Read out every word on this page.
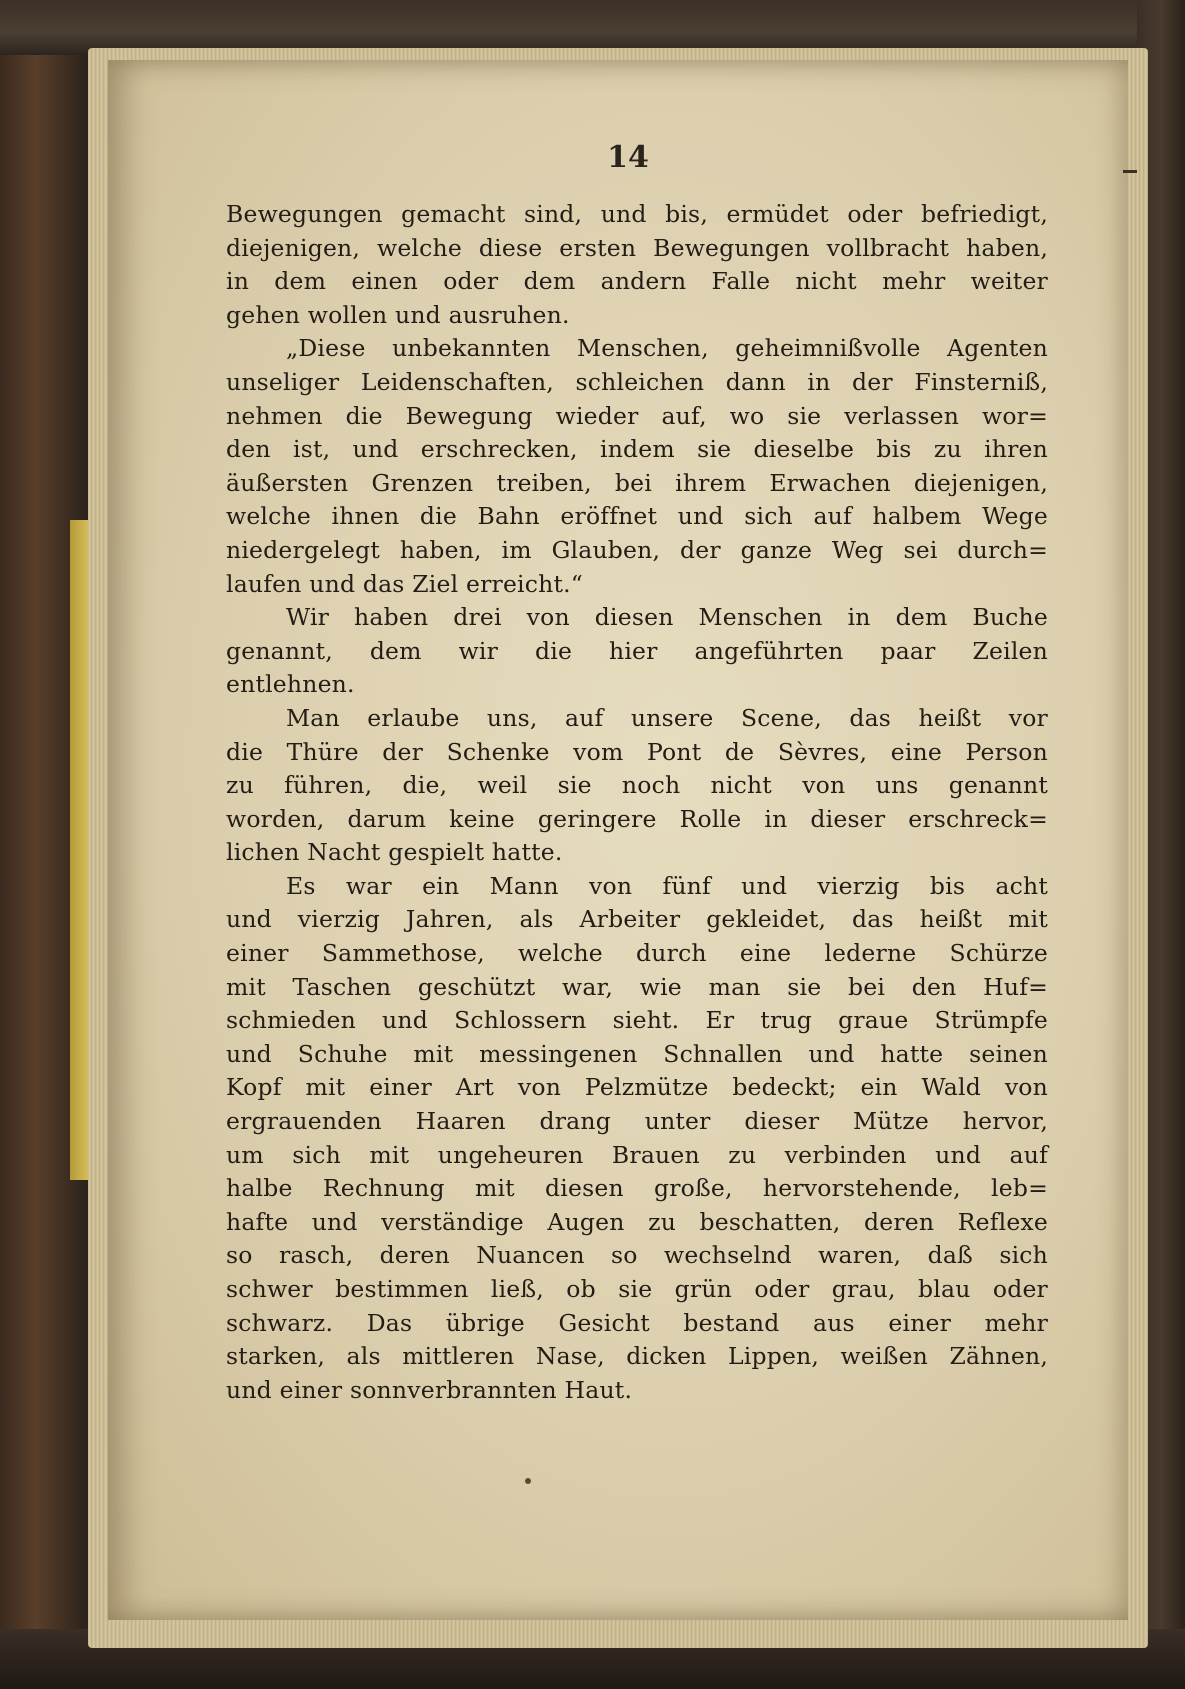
14
Bewegungen gemacht sind, und bis, ermüdet oder befriedigt,
diejenigen, welche diese ersten Bewegungen vollbracht haben,
in dem einen oder dem andern Falle nicht mehr weiter
gehen wollen und ausruhen.
„Diese unbekannten Menschen, geheimnißvolle Agenten
unseliger Leidenschaften, schleichen dann in der Finsterniß,
nehmen die Bewegung wieder auf, wo sie verlassen wor=
den ist, und erschrecken, indem sie dieselbe bis zu ihren
äußersten Grenzen treiben, bei ihrem Erwachen diejenigen,
welche ihnen die Bahn eröffnet und sich auf halbem Wege
niedergelegt haben, im Glauben, der ganze Weg sei durch=
laufen und das Ziel erreicht.“
Wir haben drei von diesen Menschen in dem Buche
genannt, dem wir die hier angeführten paar Zeilen
entlehnen.
Man erlaube uns, auf unsere Scene, das heißt vor
die Thüre der Schenke vom Pont de Sèvres, eine Person
zu führen, die, weil sie noch nicht von uns genannt
worden, darum keine geringere Rolle in dieser erschreck=
lichen Nacht gespielt hatte.
Es war ein Mann von fünf und vierzig bis acht
und vierzig Jahren, als Arbeiter gekleidet, das heißt mit
einer Sammethose, welche durch eine lederne Schürze
mit Taschen geschützt war, wie man sie bei den Huf=
schmieden und Schlossern sieht. Er trug graue Strümpfe
und Schuhe mit messingenen Schnallen und hatte seinen
Kopf mit einer Art von Pelzmütze bedeckt; ein Wald von
ergrauenden Haaren drang unter dieser Mütze hervor,
um sich mit ungeheuren Brauen zu verbinden und auf
halbe Rechnung mit diesen große, hervorstehende, leb=
hafte und verständige Augen zu beschatten, deren Reflexe
so rasch, deren Nuancen so wechselnd waren, daß sich
schwer bestimmen ließ, ob sie grün oder grau, blau oder
schwarz. Das übrige Gesicht bestand aus einer mehr
starken, als mittleren Nase, dicken Lippen, weißen Zähnen,
und einer sonnverbrannten Haut.
